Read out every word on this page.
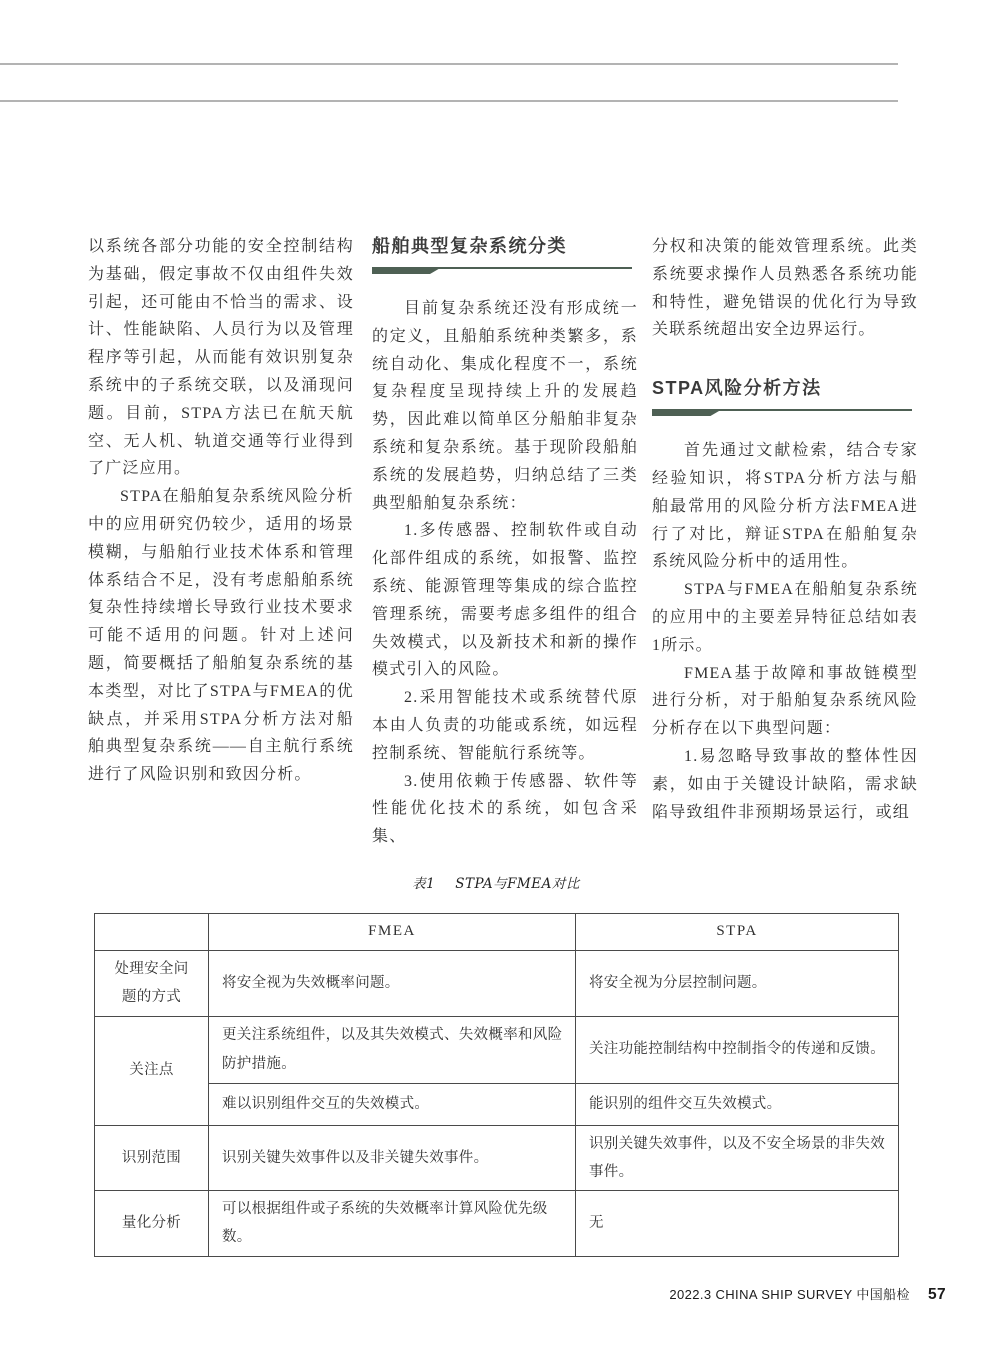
以系统各部分功能的安全控制结构为基础，假定事故不仅由组件失效引起，还可能由不恰当的需求、设计、性能缺陷、人员行为以及管理程序等引起，从而能有效识别复杂系统中的子系统交联，以及涌现问题。目前，STPA方法已在航天航空、无人机、轨道交通等行业得到了广泛应用。

STPA在船舶复杂系统风险分析中的应用研究仍较少，适用的场景模糊，与船舶行业技术体系和管理体系结合不足，没有考虑船舶系统复杂性持续增长导致行业技术要求可能不适用的问题。针对上述问题，简要概括了船舶复杂系统的基本类型，对比了STPA与FMEA的优缺点，并采用STPA分析方法对船舶典型复杂系统——自主航行系统进行了风险识别和致因分析。

船舶典型复杂系统分类

目前复杂系统还没有形成统一的定义，且船舶系统种类繁多，系统自动化、集成化程度不一，系统复杂程度呈现持续上升的发展趋势，因此难以简单区分船舶非复杂系统和复杂系统。基于现阶段船舶系统的发展趋势，归纳总结了三类典型船舶复杂系统：

1.多传感器、控制软件或自动化部件组成的系统，如报警、监控系统、能源管理等集成的综合监控管理系统，需要考虑多组件的组合失效模式，以及新技术和新的操作模式引入的风险。

2.采用智能技术或系统替代原本由人负责的功能或系统，如远程控制系统、智能航行系统等。

3.使用依赖于传感器、软件等性能优化技术的系统，如包含采集、

分权和决策的能效管理系统。此类系统要求操作人员熟悉各系统功能和特性，避免错误的优化行为导致关联系统超出安全边界运行。

STPA风险分析方法

首先通过文献检索，结合专家经验知识，将STPA分析方法与船舶最常用的风险分析方法FMEA进行了对比，辩证STPA在船舶复杂系统风险分析中的适用性。

STPA与FMEA在船舶复杂系统的应用中的主要差异特征总结如表1所示。

FMEA基于故障和事故链模型进行分析，对于船舶复杂系统风险分析存在以下典型问题：

1.易忽略导致事故的整体性因素，如由于关键设计缺陷，需求缺陷导致组件非预期场景运行，或组

表1 STPA与FMEA对比
	FMEA	STPA
处理安全问题的方式	将安全视为失效概率问题。	将安全视为分层控制问题。
关注点	更关注系统组件，以及其失效模式、失效概率和风险防护措施。	关注功能控制结构中控制指令的传递和反馈。
	难以识别组件交互的失效模式。	能识别的组件交互失效模式。
识别范围	识别关键失效事件以及非关键失效事件。	识别关键失效事件，以及不安全场景的非失效事件。
量化分析	可以根据组件或子系统的失效概率计算风险优先级数。	无
2022.3 CHINA SHIP SURVEY 中国船检 57
